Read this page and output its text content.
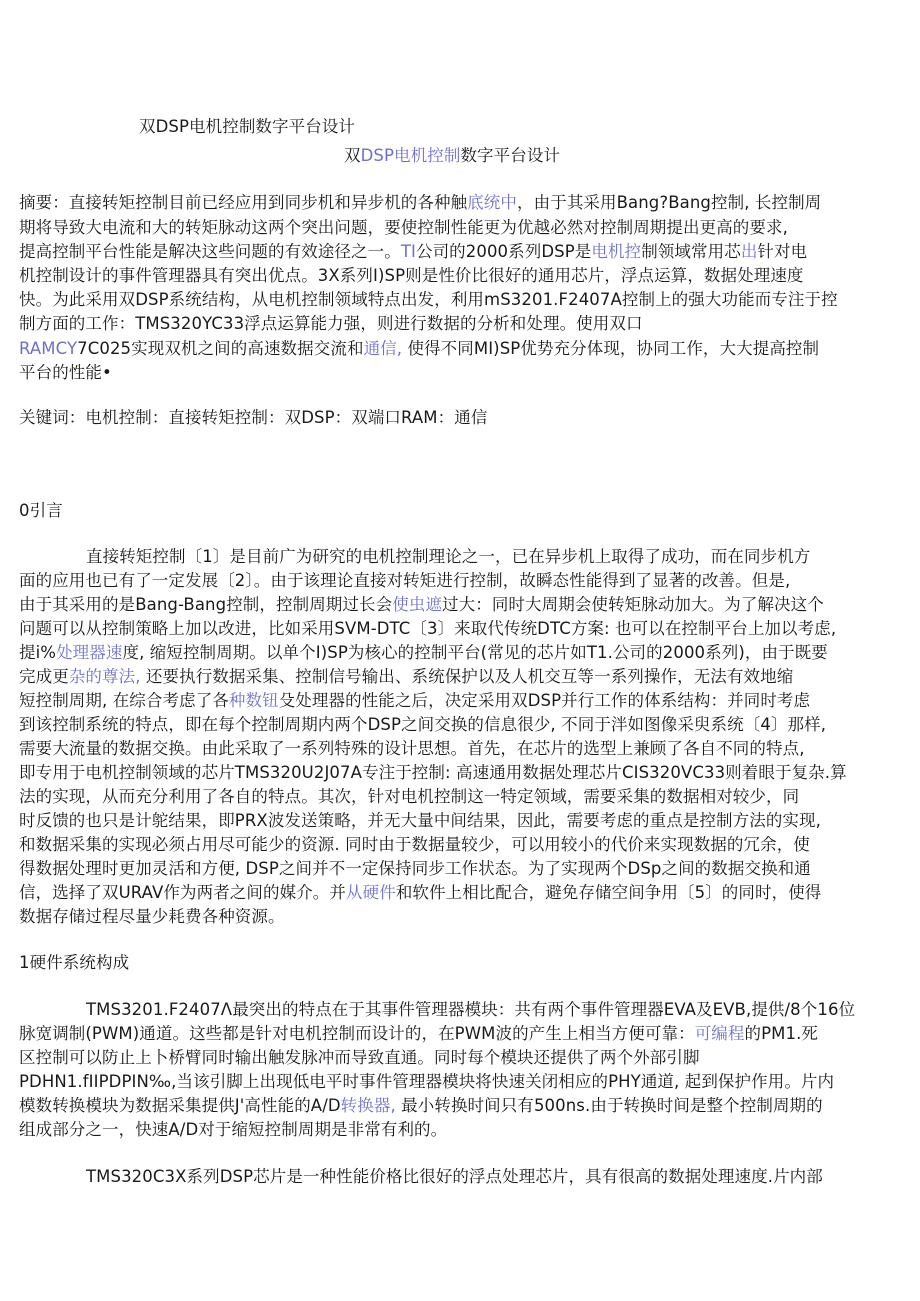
双DSP电机控制数字平台设计
双DSP电机控制数字平台设计
摘要：直接转矩控制目前已经应用到同步机和异步机的各种触底统中，由于其采用Bang?Bang控制, 长控制周
期将导致大电流和大的转矩脉动这两个突出问题，要使控制性能更为优越必然对控制周期提出更高的要求,
提高控制平台性能是解决这些问题的有效途径之一。TI公司的2000系列DSP是电机控制领域常用芯出针对电
机控制设计的事件管理器具有突出优点。3X系列I)SP则是性价比很好的通用芯片，浮点运算，数据处理速度
快。为此采用双DSP系统结构，从电机控制领域特点出发，利用mS3201.F2407A控制上的强大功能而专注于控
制方面的工作：TMS320YC33浮点运算能力强，则进行数据的分析和处理。使用双口
RAMCY7C025实现双机之间的高速数据交流和通信, 使得不同MI)SP优势充分体现，协同工作，大大提高控制
平台的性能•
关键词：电机控制：直接转矩控制：双DSP：双端口RAM：通信
0引言
直接转矩控制〔1〕是目前广为研究的电机控制理论之一，已在异步机上取得了成功，而在同步机方
面的应用也已有了一定发展〔2〕。由于该理论直接对转矩进行控制，故瞬态性能得到了显著的改善。但是,
由于其采用的是Bang-Bang控制，控制周期过长会使虫遮过大：同时大周期会使转矩脉动加大。为了解决这个
问题可以从控制策略上加以改进，比如采用SVM-DTC〔3〕来取代传统DTC方案: 也可以在控制平台上加以考虑,
提i%处理器速度, 缩短控制周期。以单个I)SP为核心的控制平台(常见的芯片如T1.公司的2000系列)，由于既要
完成更杂的尊法, 还要执行数据采集、控制信号输出、系统保护以及人机交互等一系列操作，无法有效地缩
短控制周期, 在综合考虑了各种数钮殳处理器的性能之后，决定采用双DSP并行工作的体系结构：并同时考虑
到该控制系统的特点，即在每个控制周期内两个DSP之间交换的信息很少, 不同于泮如图像采臾系统〔4〕那样,
需要大流量的数据交换。由此采取了一系列特殊的设计思想。首先，在芯片的选型上兼顾了各自不同的特点,
即专用于电机控制领域的芯片TMS320U2J07A专注于控制: 高速通用数据处理芯片CIS320VC33则着眼于复杂.算
法的实现，从而充分利用了各自的特点。其次，针对电机控制这一特定领域，需要采集的数据相对较少，同
时反馈的也只是计鸵结果，即PRX波发送策略，并无大量中间结果，因此，需要考虑的重点是控制方法的实现,
和数据采集的实现必须占用尽可能少的资源. 同时由于数据量较少，可以用较小的代价来实现数据的冗余，使
得数据处理时更加灵活和方便, DSP之间并不一定保持同步工作状态。为了实现两个DSp之间的数据交换和通
信，选择了双URAV作为两者之间的媒介。并从硬件和软件上相比配合，避免存储空间争用〔5〕的同时，使得
数据存储过程尽量少耗费各种资源。
1硬件系统构成
TMS3201.F2407Λ最突出的特点在于其事件管理器模块：共有两个事件管理器EVA及EVB,提供/8个16位
脉宽调制(PWM)通道。这些都是针对电机控制而设计的，在PWM波的产生上相当方便可靠：可编程的PM1.死
区控制可以防止上卜桥臂同时输出触发脉冲而导致直通。同时每个模块还提供了两个外部引脚
PDHN1.fIIPDPIN‰,当该引脚上出现低电平时事件管理器模块将快速关闭相应的PHY通道, 起到保护作用。片内
模数转换模块为数据采集提供J'高性能的A/D转换器, 最小转换时间只有500ns.由于转换时间是整个控制周期的
组成部分之一，快速A/D对于缩短控制周期是非常有利的。
TMS320C3X系列DSP芯片是一种性能价格比很好的浮点处理芯片，具有很高的数据处理速度.片内部
